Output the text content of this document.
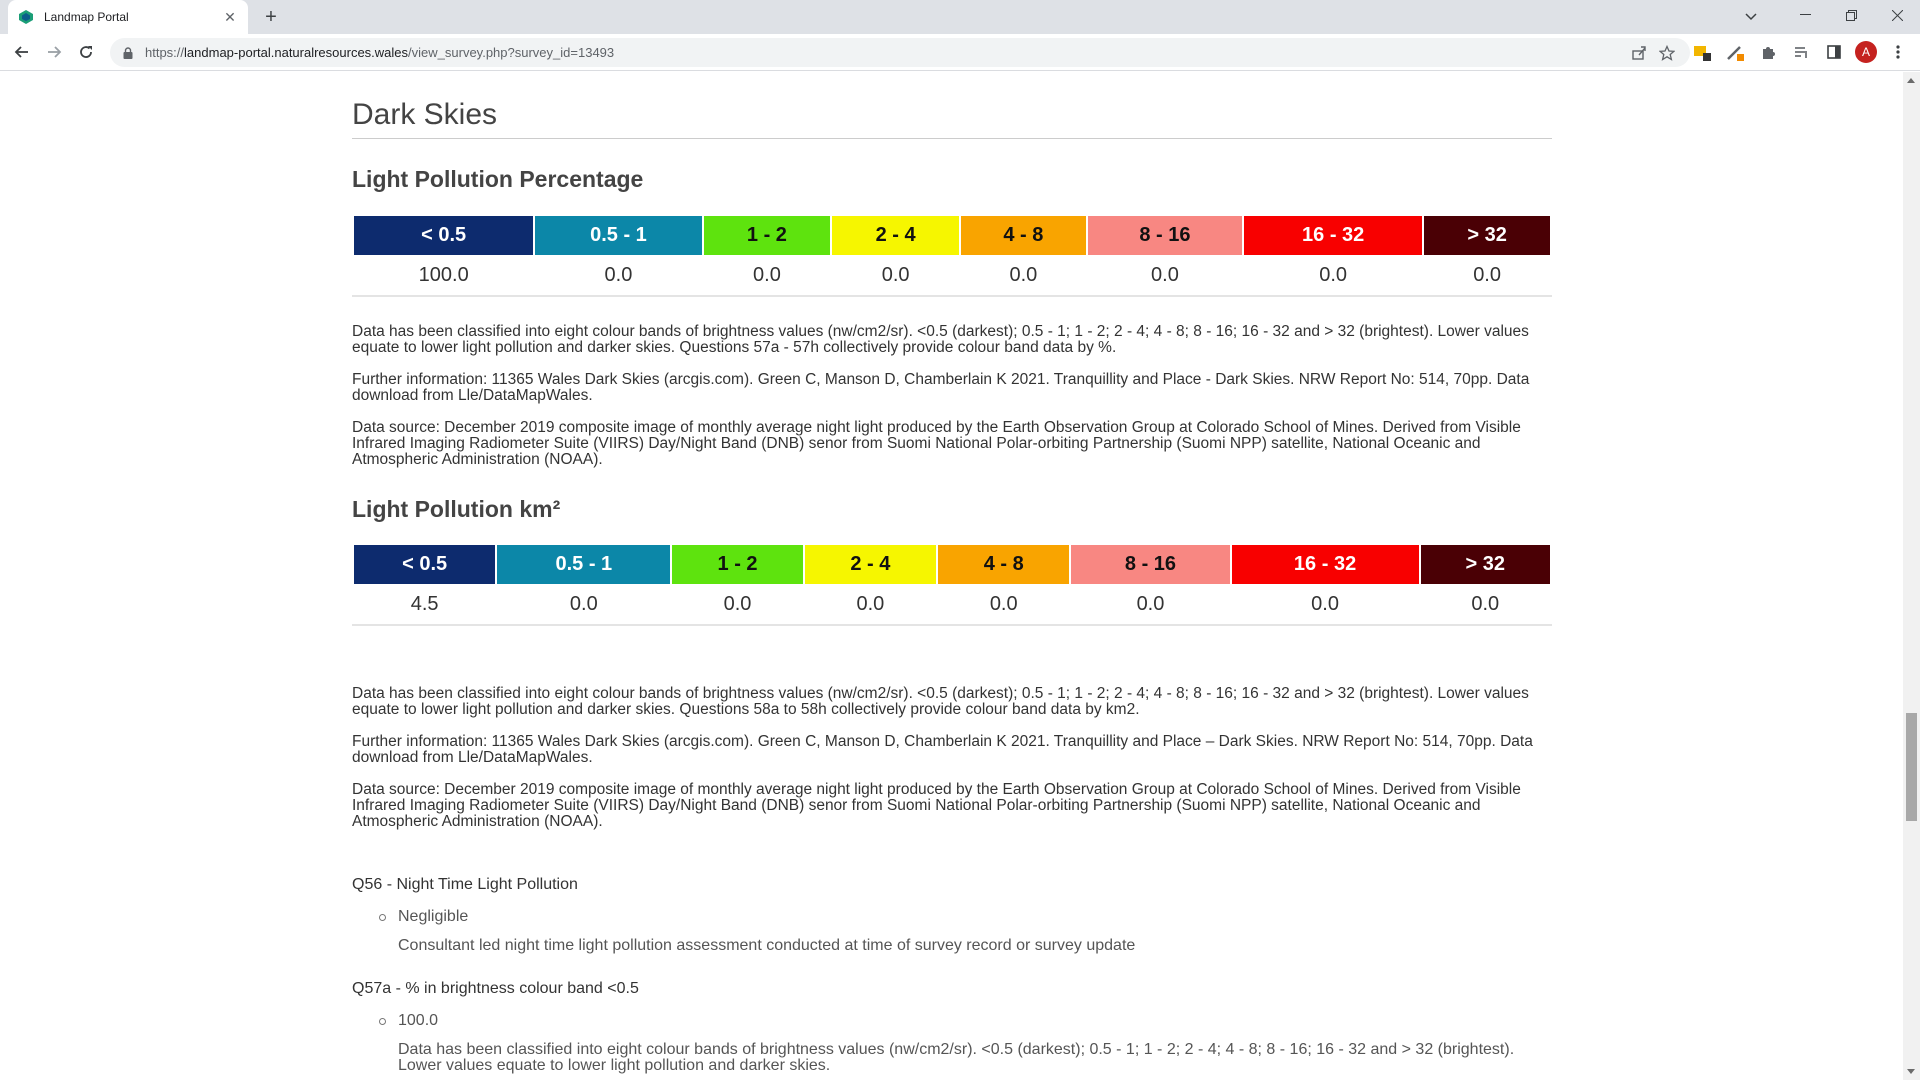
Landmap Portal	✕	+
https://landmap-portal.naturalresources.wales/view_survey.php?survey_id=13493	A
Dark Skies
Light Pollution Percentage
< 0.5	0.5 - 1	1 - 2	2 - 4	4 - 8	8 - 16	16 - 32	> 32
100.0	0.0	0.0	0.0	0.0	0.0	0.0	0.0

Data has been classified into eight colour bands of brightness values (nw/cm2/sr). <0.5 (darkest); 0.5 - 1; 1 - 2; 2 - 4; 4 - 8; 8 - 16; 16 - 32 and > 32 (brightest). Lower values equate to lower light pollution and darker skies. Questions 57a - 57h collectively provide colour band data by %.

Further information: 11365 Wales Dark Skies (arcgis.com). Green C, Manson D, Chamberlain K 2021. Tranquillity and Place - Dark Skies. NRW Report No: 514, 70pp. Data download from Lle/DataMapWales.

Data source: December 2019 composite image of monthly average night light produced by the Earth Observation Group at Colorado School of Mines. Derived from Visible Infrared Imaging Radiometer Suite (VIIRS) Day/Night Band (DNB) senor from Suomi National Polar-orbiting Partnership (Suomi NPP) satellite, National Oceanic and Atmospheric Administration (NOAA).

Light Pollution km²
< 0.5	0.5 - 1	1 - 2	2 - 4	4 - 8	8 - 16	16 - 32	> 32
4.5	0.0	0.0	0.0	0.0	0.0	0.0	0.0

Data has been classified into eight colour bands of brightness values (nw/cm2/sr). <0.5 (darkest); 0.5 - 1; 1 - 2; 2 - 4; 4 - 8; 8 - 16; 16 - 32 and > 32 (brightest). Lower values equate to lower light pollution and darker skies. Questions 58a to 58h collectively provide colour band data by km2.

Further information: 11365 Wales Dark Skies (arcgis.com). Green C, Manson D, Chamberlain K 2021. Tranquillity and Place – Dark Skies. NRW Report No: 514, 70pp. Data download from Lle/DataMapWales.

Data source: December 2019 composite image of monthly average night light produced by the Earth Observation Group at Colorado School of Mines. Derived from Visible Infrared Imaging Radiometer Suite (VIIRS) Day/Night Band (DNB) senor from Suomi National Polar-orbiting Partnership (Suomi NPP) satellite, National Oceanic and Atmospheric Administration (NOAA).

Q56 - Night Time Light Pollution
Negligible
Consultant led night time light pollution assessment conducted at time of survey record or survey update
Q57a - % in brightness colour band <0.5
100.0
Data has been classified into eight colour bands of brightness values (nw/cm2/sr). <0.5 (darkest); 0.5 - 1; 1 - 2; 2 - 4; 4 - 8; 8 - 16; 16 - 32 and > 32 (brightest). Lower values equate to lower light pollution and darker skies.
